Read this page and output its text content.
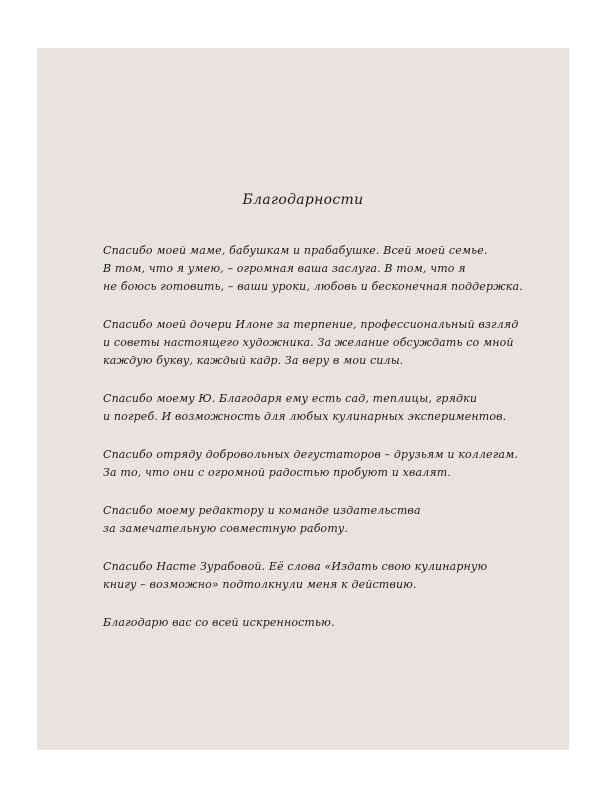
Благодарности
Спасибо моей маме, бабушкам и прабабушке. Всей моей семье.
В том, что я умею, – огромная ваша заслуга. В том, что я
не боюсь готовить, – ваши уроки, любовь и бесконечная поддержка.
Спасибо моей дочери Илоне за терпение, профессиональный взгляд
и советы настоящего художника. За желание обсуждать со мной
каждую букву, каждый кадр. За веру в мои силы.
Спасибо моему Ю. Благодаря ему есть сад, теплицы, грядки
и погреб. И возможность для любых кулинарных экспериментов.
Спасибо отряду добровольных дегустаторов – друзьям и коллегам.
За то, что они с огромной радостью пробуют и хвалят.
Спасибо моему редактору и команде издательства
за замечательную совместную работу.
Спасибо Насте Зурабовой. Её слова «Издать свою кулинарную
книгу – возможно» подтолкнули меня к действию.
Благодарю вас со всей искренностью.
